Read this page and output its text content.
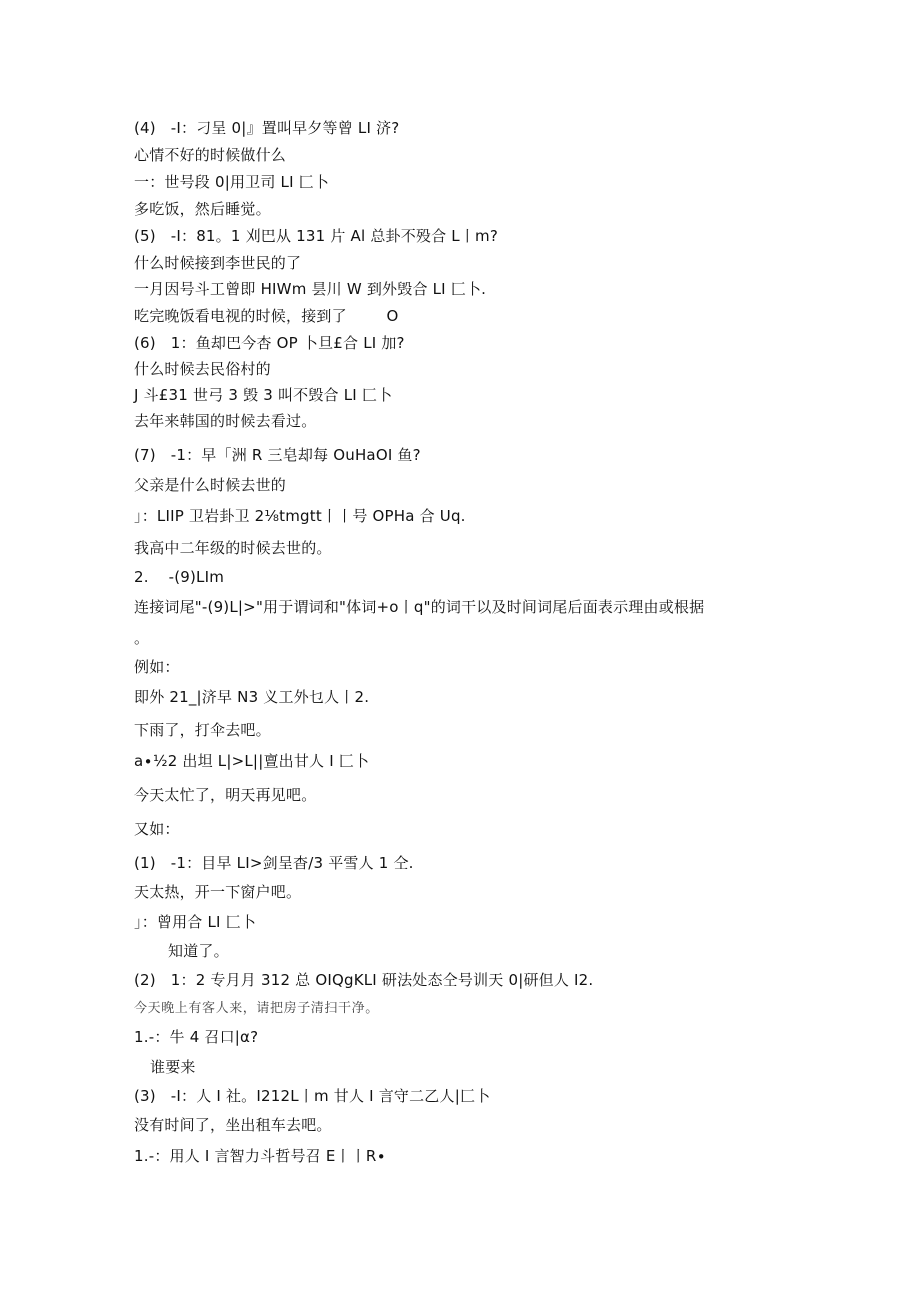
(4)   -I：刁呈 0|』置叫早夕等曾 LI 济?
心情不好的时候做什么
一：世号段 0|用卫司 LI 匚卜
多吃饭，然后睡觉。
(5)   -I：81。1 刈巴从 131 片 Al 总卦不殁合 L丨m?
什么时候接到李世民的了
一月因号斗工曾即 HIWm 昙川 W 到外毁合 LI 匚卜.
吃完晚饭看电视的时候，接到了        O
(6)   1：鱼却巴今杏 OP 卜旦£合 LI 加?
什么时候去民俗村的
J 斗£31 世弓 3 毁 3 叫不毁合 LI 匚卜
去年来韩国的时候去看过。
(7)   -1：早「洲 R 三皂却每 OuHaOI 鱼?
父亲是什么时候去世的
」：LIIP 卫岩卦卫 2⅛tmgtt丨丨号 OPHa 合 Uq.
我高中二年级的时候去世的。
2.    -(9)LIm
连接词尾"-(9)L|>"用于谓词和"体词+o丨q"的词干以及时间词尾后面表示理由或根据
。
例如：
即外 21_|济早 N3 义工外乜人丨2.
下雨了，打伞去吧。
a∙½2 出坦 L|>L||亶出甘人 I 匚卜
今天太忙了，明天再见吧。
又如：
(1)   -1：目早 LI>剑呈杳/3 平雪人 1 仝.
天太热，开一下窗户吧。
」：曾用合 LI 匚卜
知道了。
(2)   1：2 专月月 312 总 OIQgKLI 研法处态仝号训天 0|研但人 I2.
今天晚上有客人来，请把房子清扫干净。
1.-：牛 4 召口|α?
谁要来
(3)   -I：人 I 社。I212L丨m 甘人 I 言守二乙人|匚卜
没有时间了，坐出租车去吧。
1.-：用人 I 言智力斗哲号召 E丨丨R∙
